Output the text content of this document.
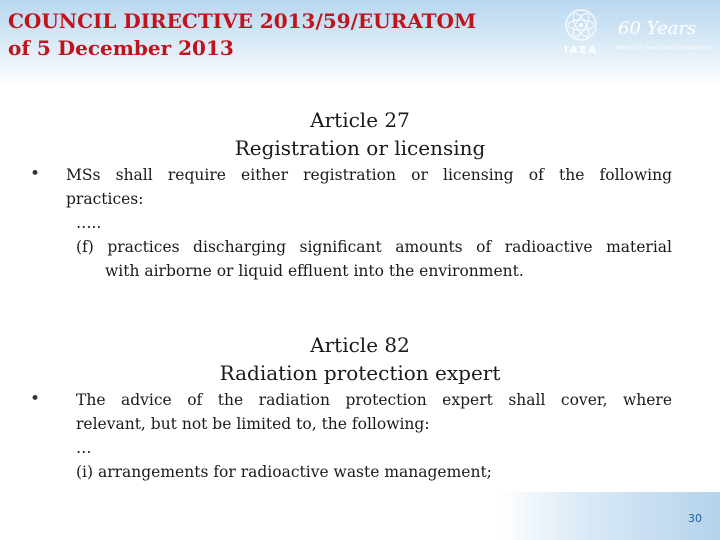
COUNCIL DIRECTIVE 2013/59/EURATOM
of 5 December 2013	IAEA
60 Years
Atoms for Peace and Development
Article 27
Registration or licensing
• MSs shall require either registration or licensing of the following
practices:
…..
(f) practices discharging significant amounts of radioactive material
with airborne or liquid effluent into the environment.
Article 82
Radiation protection expert
• The advice of the radiation protection expert shall cover, where
relevant, but not be limited to, the following:
…
(i) arrangements for radioactive waste management;
30
